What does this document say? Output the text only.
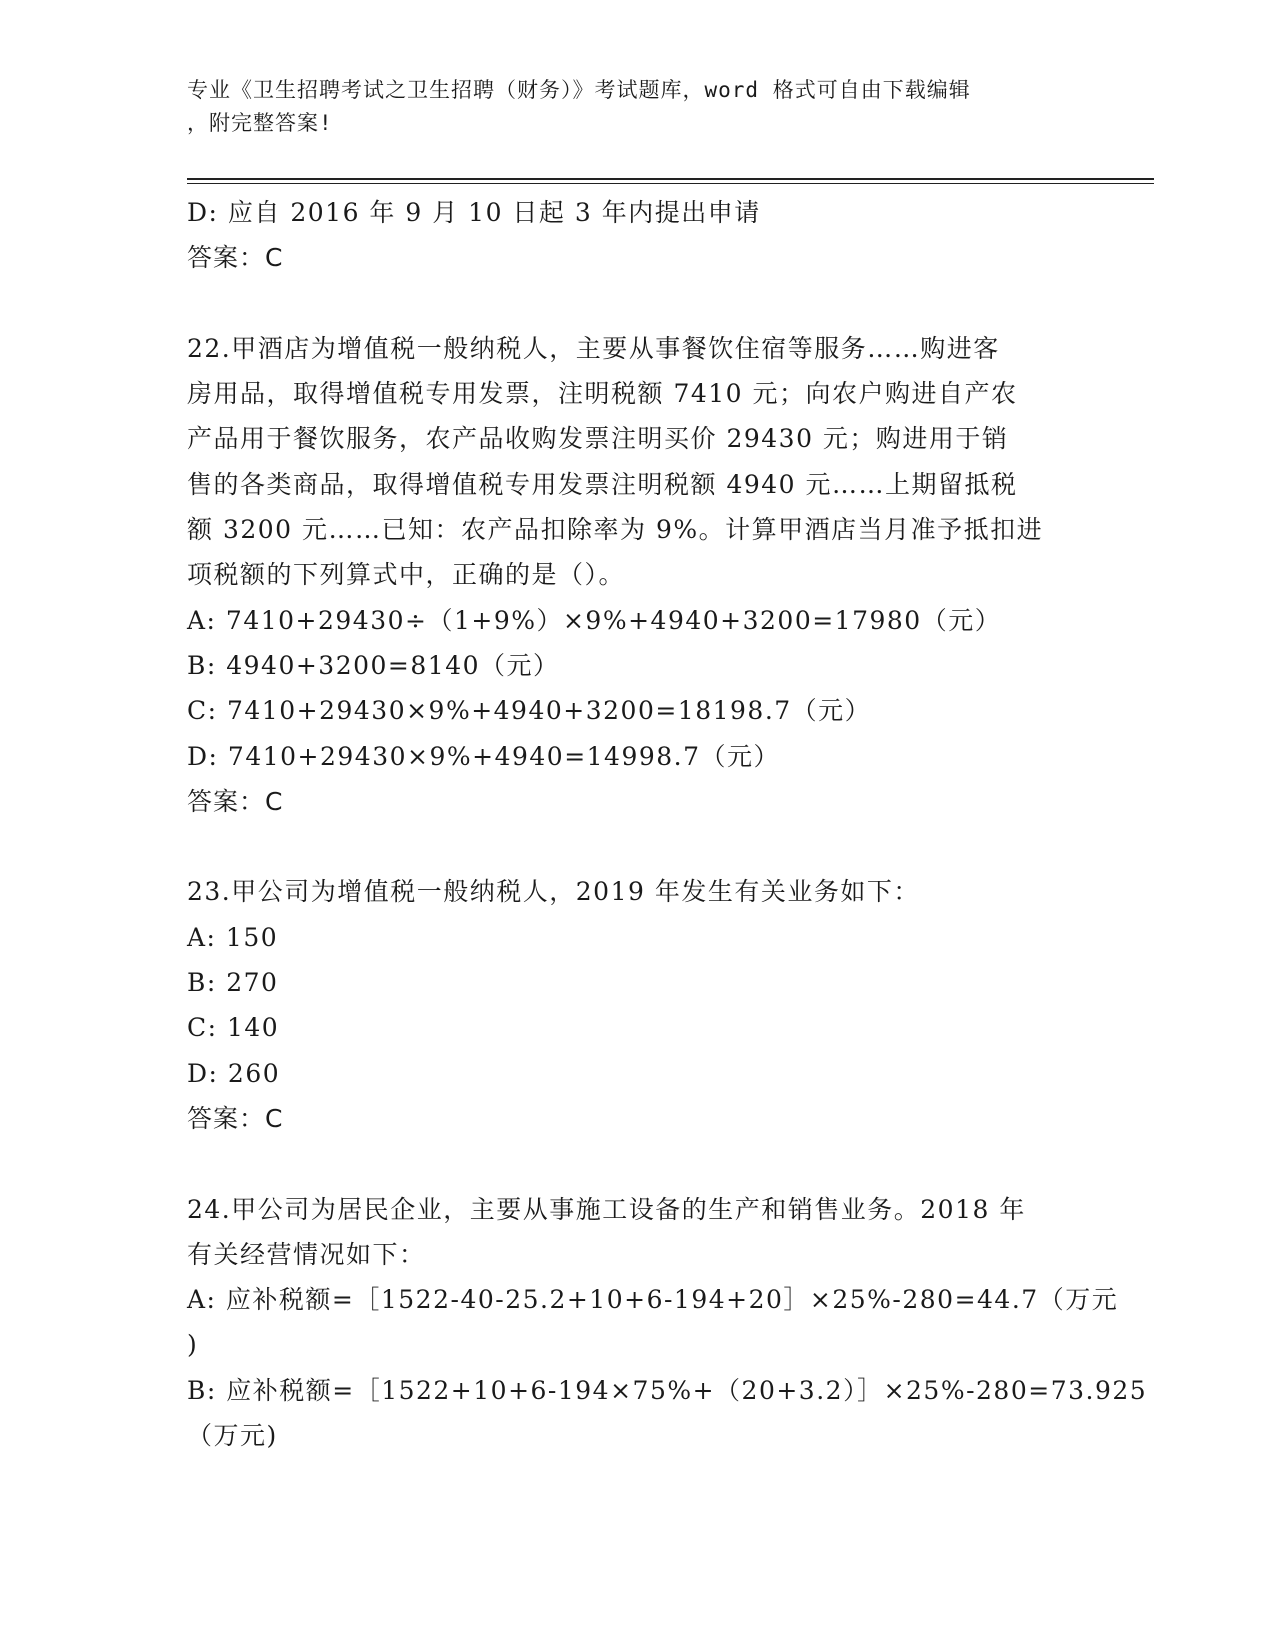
专业《卫生招聘考试之卫生招聘（财务）》考试题库，word 格式可自由下载编辑
，附完整答案!
D: 应自 2016 年 9 月 10 日起 3 年内提出申请
答案：C
22.甲酒店为增值税一般纳税人，主要从事餐饮住宿等服务……购进客
房用品，取得增值税专用发票，注明税额 7410 元；向农户购进自产农
产品用于餐饮服务，农产品收购发票注明买价 29430 元；购进用于销
售的各类商品，取得增值税专用发票注明税额 4940 元……上期留抵税
额 3200 元……已知：农产品扣除率为 9%。计算甲酒店当月准予抵扣进
项税额的下列算式中，正确的是（）。
A: 7410+29430÷（1+9%）×9%+4940+3200=17980（元）
B: 4940+3200=8140（元）
C: 7410+29430×9%+4940+3200=18198.7（元）
D: 7410+29430×9%+4940=14998.7（元）
答案：C
23.甲公司为增值税一般纳税人，2019 年发生有关业务如下：
A: 150
B: 270
C: 140
D: 260
答案：C
24.甲公司为居民企业，主要从事施工设备的生产和销售业务。2018 年
有关经营情况如下：
A: 应补税额=［1522-40-25.2+10+6-194+20］×25%-280=44.7（万元
)
B: 应补税额=［1522+10+6-194×75%+（20+3.2）］×25%-280=73.925
（万元)
